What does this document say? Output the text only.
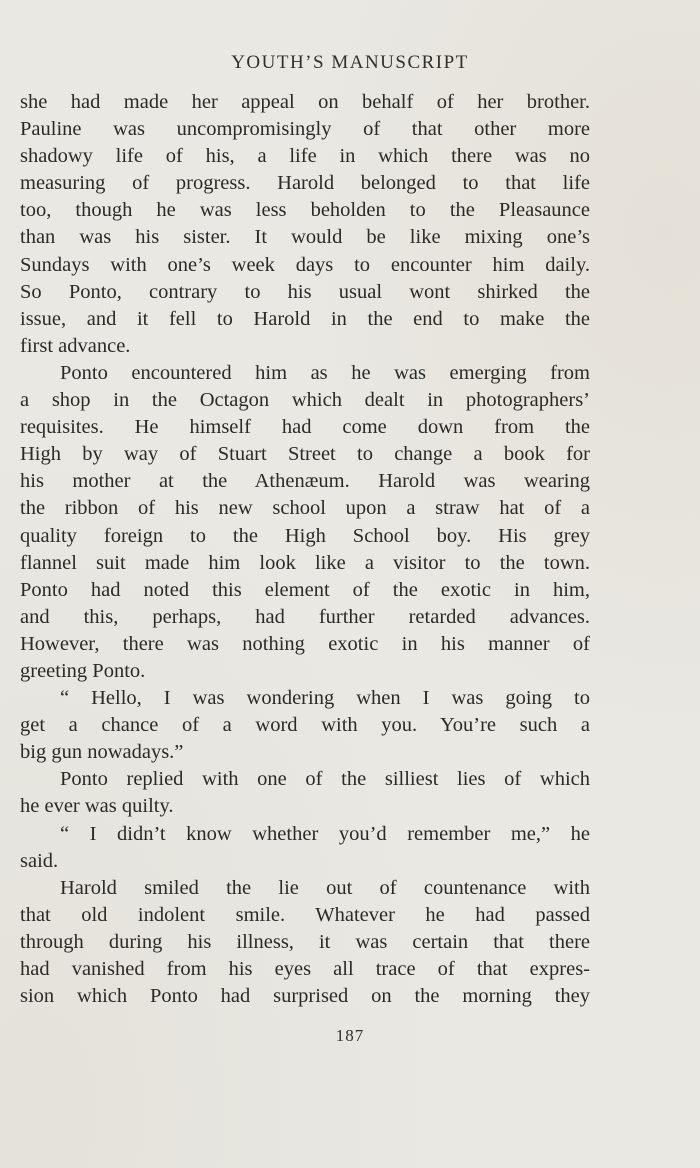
YOUTH’S MANUSCRIPT
she had made her appeal on behalf of her brother.
Pauline was uncompromisingly of that other more
shadowy life of his, a life in which there was no
measuring of progress. Harold belonged to that life
too, though he was less beholden to the Pleasaunce
than was his sister. It would be like mixing one’s
Sundays with one’s week days to encounter him daily.
So Ponto, contrary to his usual wont shirked the
issue, and it fell to Harold in the end to make the
first advance.
Ponto encountered him as he was emerging from
a shop in the Octagon which dealt in photographers’
requisites. He himself had come down from the
High by way of Stuart Street to change a book for
his mother at the Athenæum. Harold was wearing
the ribbon of his new school upon a straw hat of a
quality foreign to the High School boy. His grey
flannel suit made him look like a visitor to the town.
Ponto had noted this element of the exotic in him,
and this, perhaps, had further retarded advances.
However, there was nothing exotic in his manner of
greeting Ponto.
“ Hello, I was wondering when I was going to
get a chance of a word with you. You’re such a
big gun nowadays.”
Ponto replied with one of the silliest lies of which
he ever was quilty.
“ I didn’t know whether you’d remember me,” he
said.
Harold smiled the lie out of countenance with
that old indolent smile. Whatever he had passed
through during his illness, it was certain that there
had vanished from his eyes all trace of that expres-
sion which Ponto had surprised on the morning they
187
